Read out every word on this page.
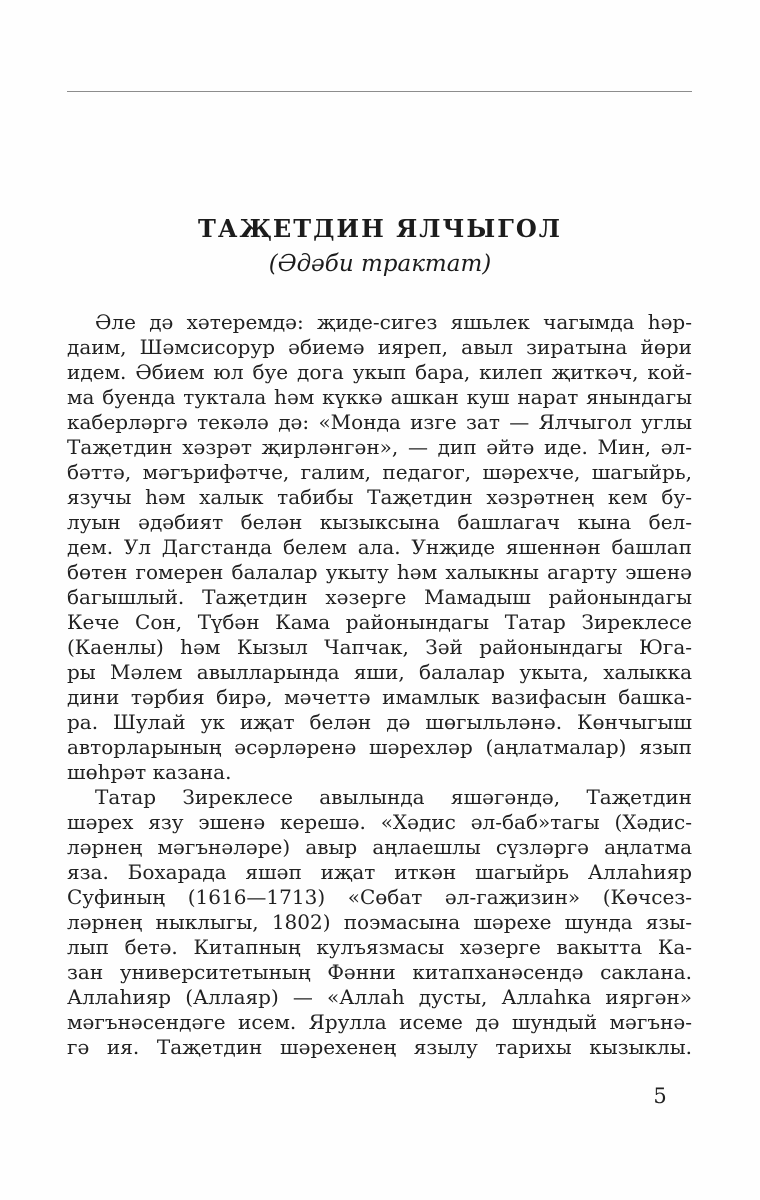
ТАҖЕТДИН ЯЛЧЫГОЛ
(Әдәби трактат)

Әле дә хәтеремдә: җиде-сигез яшьлек чагымда һәр-

даим, Шәмсисорур әбиемә ияреп, авыл зиратына йөри

идем. Әбием юл буе дога укып бара, килеп җиткәч, кой-

ма буенда туктала һәм күккә ашкан куш нарат янындагы

каберләргә текәлә дә: «Монда изге зат — Ялчыгол углы

Таҗетдин хәзрәт җирләнгән», — дип әйтә иде. Мин, әл-

бәттә, мәгърифәтче, галим, педагог, шәрехче, шагыйрь,

язучы һәм халык табибы Таҗетдин хәзрәтнең кем бу-

луын әдәбият белән кызыксына башлагач кына бел-

дем. Ул Дагстанда белем ала. Унҗиде яшеннән башлап

бөтен гомерен балалар укыту һәм халыкны агарту эшенә

багышлый. Таҗетдин хәзерге Мамадыш районындагы

Кече Сон, Түбән Кама районындагы Татар Зиреклесе

(Каенлы) һәм Кызыл Чапчак, Зәй районындагы Юга-

ры Мәлем авылларында яши, балалар укыта, халыкка

дини тәрбия бирә, мәчеттә имамлык вазифасын башка-

ра. Шулай ук иҗат белән дә шөгыльләнә. Көнчыгыш

авторларының әсәрләренә шәрехләр (аңлатмалар) язып

шөһрәт казана.

Татар Зиреклесе авылында яшәгәндә, Таҗетдин

шәрех язу эшенә керешә. «Хәдис әл-баб»тагы (Хәдис-

ләрнең мәгънәләре) авыр аңлаешлы сүзләргә аңлатма

яза. Бохарада яшәп иҗат иткән шагыйрь Аллаһияр

Суфиның (1616—1713) «Сөбат әл-гаҗизин» (Көчсез-

ләрнең ныклыгы, 1802) поэмасына шәрехе шунда язы-

лып бетә. Китапның кулъязмасы хәзерге вакытта Ка-

зан университетының Фәнни китапханәсендә саклана.

Аллаһияр (Аллаяр) — «Аллаһ дусты, Аллаһка ияргән»

мәгънәсендәге исем. Ярулла исеме дә шундый мәгънә-

гә ия. Таҗетдин шәрехенең язылу тарихы кызыклы.

5
